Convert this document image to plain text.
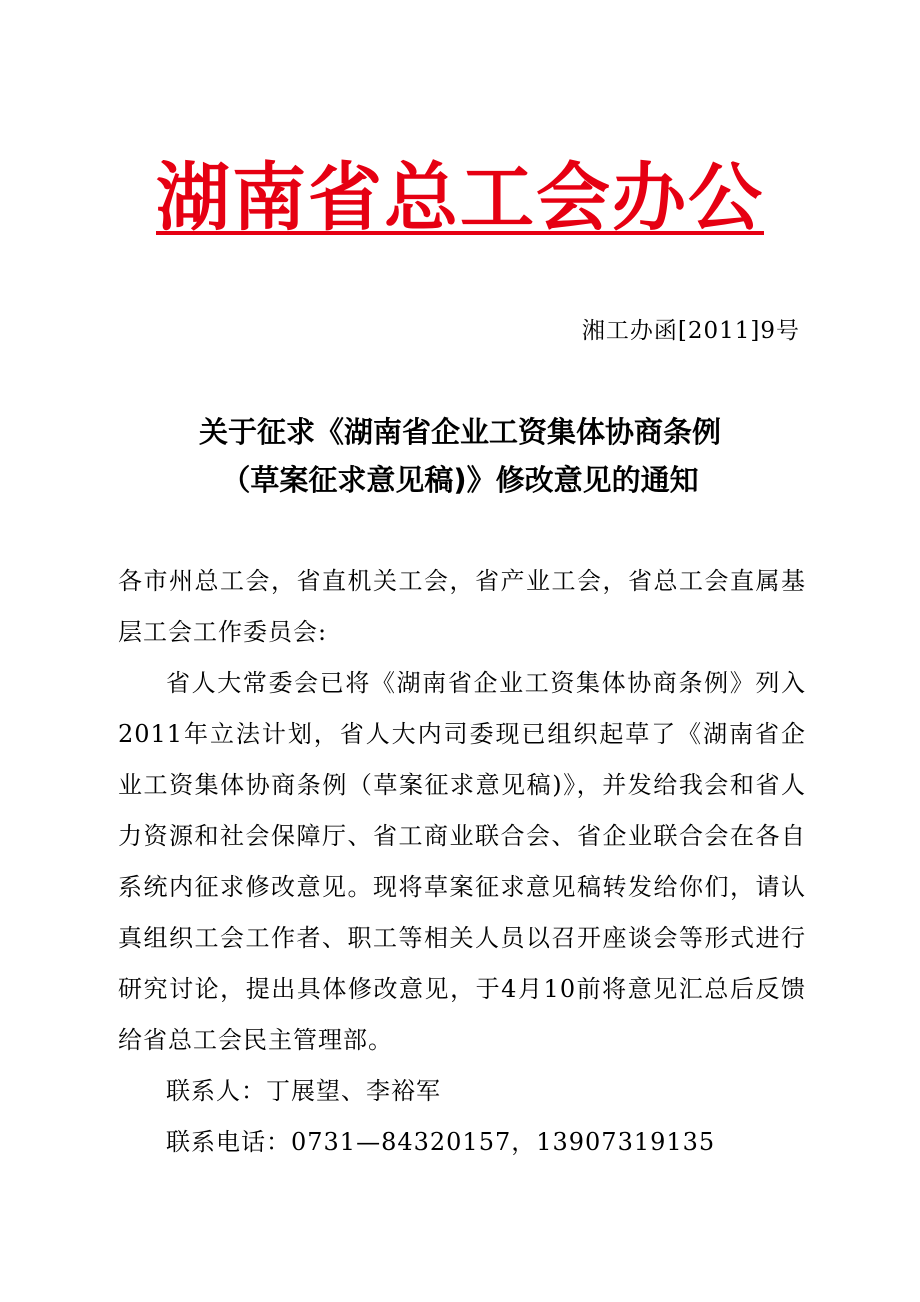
湖南省总工会办公
湘工办函[2011]9号
关于征求《湖南省企业工资集体协商条例
（草案征求意见稿)》修改意见的通知

各市州总工会，省直机关工会，省产业工会，省总工会直属基层工会工作委员会:

省人大常委会已将《湖南省企业工资集体协商条例》列入2011年立法计划，省人大内司委现已组织起草了《湖南省企业工资集体协商条例（草案征求意见稿)》，并发给我会和省人力资源和社会保障厅、省工商业联合会、省企业联合会在各自系统内征求修改意见。现将草案征求意见稿转发给你们，请认真组织工会工作者、职工等相关人员以召开座谈会等形式进行研究讨论，提出具体修改意见，于4月10前将意见汇总后反馈给省总工会民主管理部。

联系人：丁展望、李裕军

联系电话：0731—84320157，13907319135
